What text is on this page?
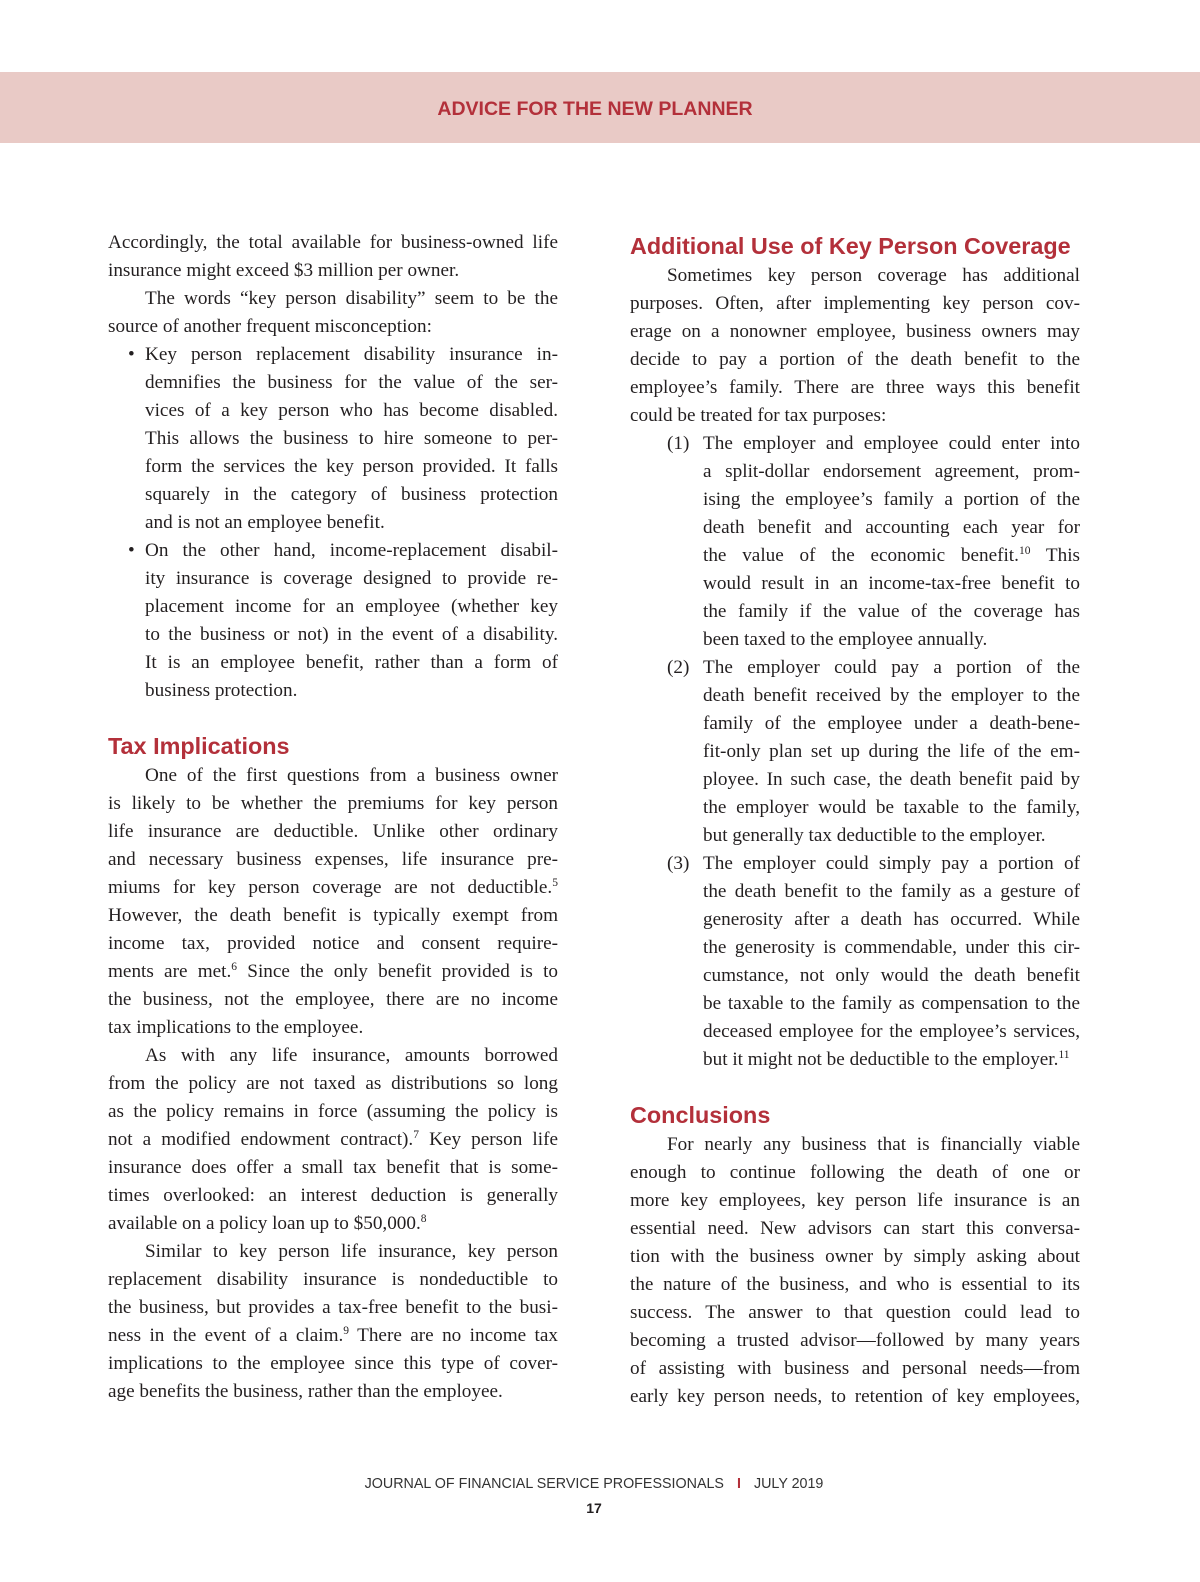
ADVICE FOR THE NEW PLANNER
Accordingly, the total available for business-owned life
insurance might exceed $3 million per owner.
The words “key person disability” seem to be the
source of another frequent misconception:
• Key person replacement disability insurance in-
demnifies the business for the value of the ser-
vices of a key person who has become disabled.
This allows the business to hire someone to per-
form the services the key person provided. It falls
squarely in the category of business protection
and is not an employee benefit.
• On the other hand, income-replacement disabil-
ity insurance is coverage designed to provide re-
placement income for an employee (whether key
to the business or not) in the event of a disability.
It is an employee benefit, rather than a form of
business protection.
Tax Implications
One of the first questions from a business owner
is likely to be whether the premiums for key person
life insurance are deductible. Unlike other ordinary
and necessary business expenses, life insurance pre-
miums for key person coverage are not deductible.$^5$
However, the death benefit is typically exempt from
income tax, provided notice and consent require-
ments are met.$^6$ Since the only benefit provided is to
the business, not the employee, there are no income
tax implications to the employee.
As with any life insurance, amounts borrowed
from the policy are not taxed as distributions so long
as the policy remains in force (assuming the policy is
not a modified endowment contract).$^7$ Key person life
insurance does offer a small tax benefit that is some-
times overlooked: an interest deduction is generally
available on a policy loan up to $50,000.$^8$
Similar to key person life insurance, key person
replacement disability insurance is nondeductible to
the business, but provides a tax-free benefit to the busi-
ness in the event of a claim.$^9$ There are no income tax
implications to the employee since this type of cover-
age benefits the business, rather than the employee.
Additional Use of Key Person Coverage
Sometimes key person coverage has additional
purposes. Often, after implementing key person cov-
erage on a nonowner employee, business owners may
decide to pay a portion of the death benefit to the
employee’s family. There are three ways this benefit
could be treated for tax purposes:
(1) The employer and employee could enter into
a split-dollar endorsement agreement, prom-
ising the employee’s family a portion of the
death benefit and accounting each year for
the value of the economic benefit.$^{10}$ This
would result in an income-tax-free benefit to
the family if the value of the coverage has
been taxed to the employee annually.
(2) The employer could pay a portion of the
death benefit received by the employer to the
family of the employee under a death-bene-
fit-only plan set up during the life of the em-
ployee. In such case, the death benefit paid by
the employer would be taxable to the family,
but generally tax deductible to the employer.
(3) The employer could simply pay a portion of
the death benefit to the family as a gesture of
generosity after a death has occurred. While
the generosity is commendable, under this cir-
cumstance, not only would the death benefit
be taxable to the family as compensation to the
deceased employee for the employee’s services,
but it might not be deductible to the employer.$^{11}$
Conclusions
For nearly any business that is financially viable
enough to continue following the death of one or
more key employees, key person life insurance is an
essential need. New advisors can start this conversa-
tion with the business owner by simply asking about
the nature of the business, and who is essential to its
success. The answer to that question could lead to
becoming a trusted advisor—followed by many years
of assisting with business and personal needs—from
early key person needs, to retention of key employees,
JOURNAL OF FINANCIAL SERVICE PROFESSIONALS I JULY 2019
17
